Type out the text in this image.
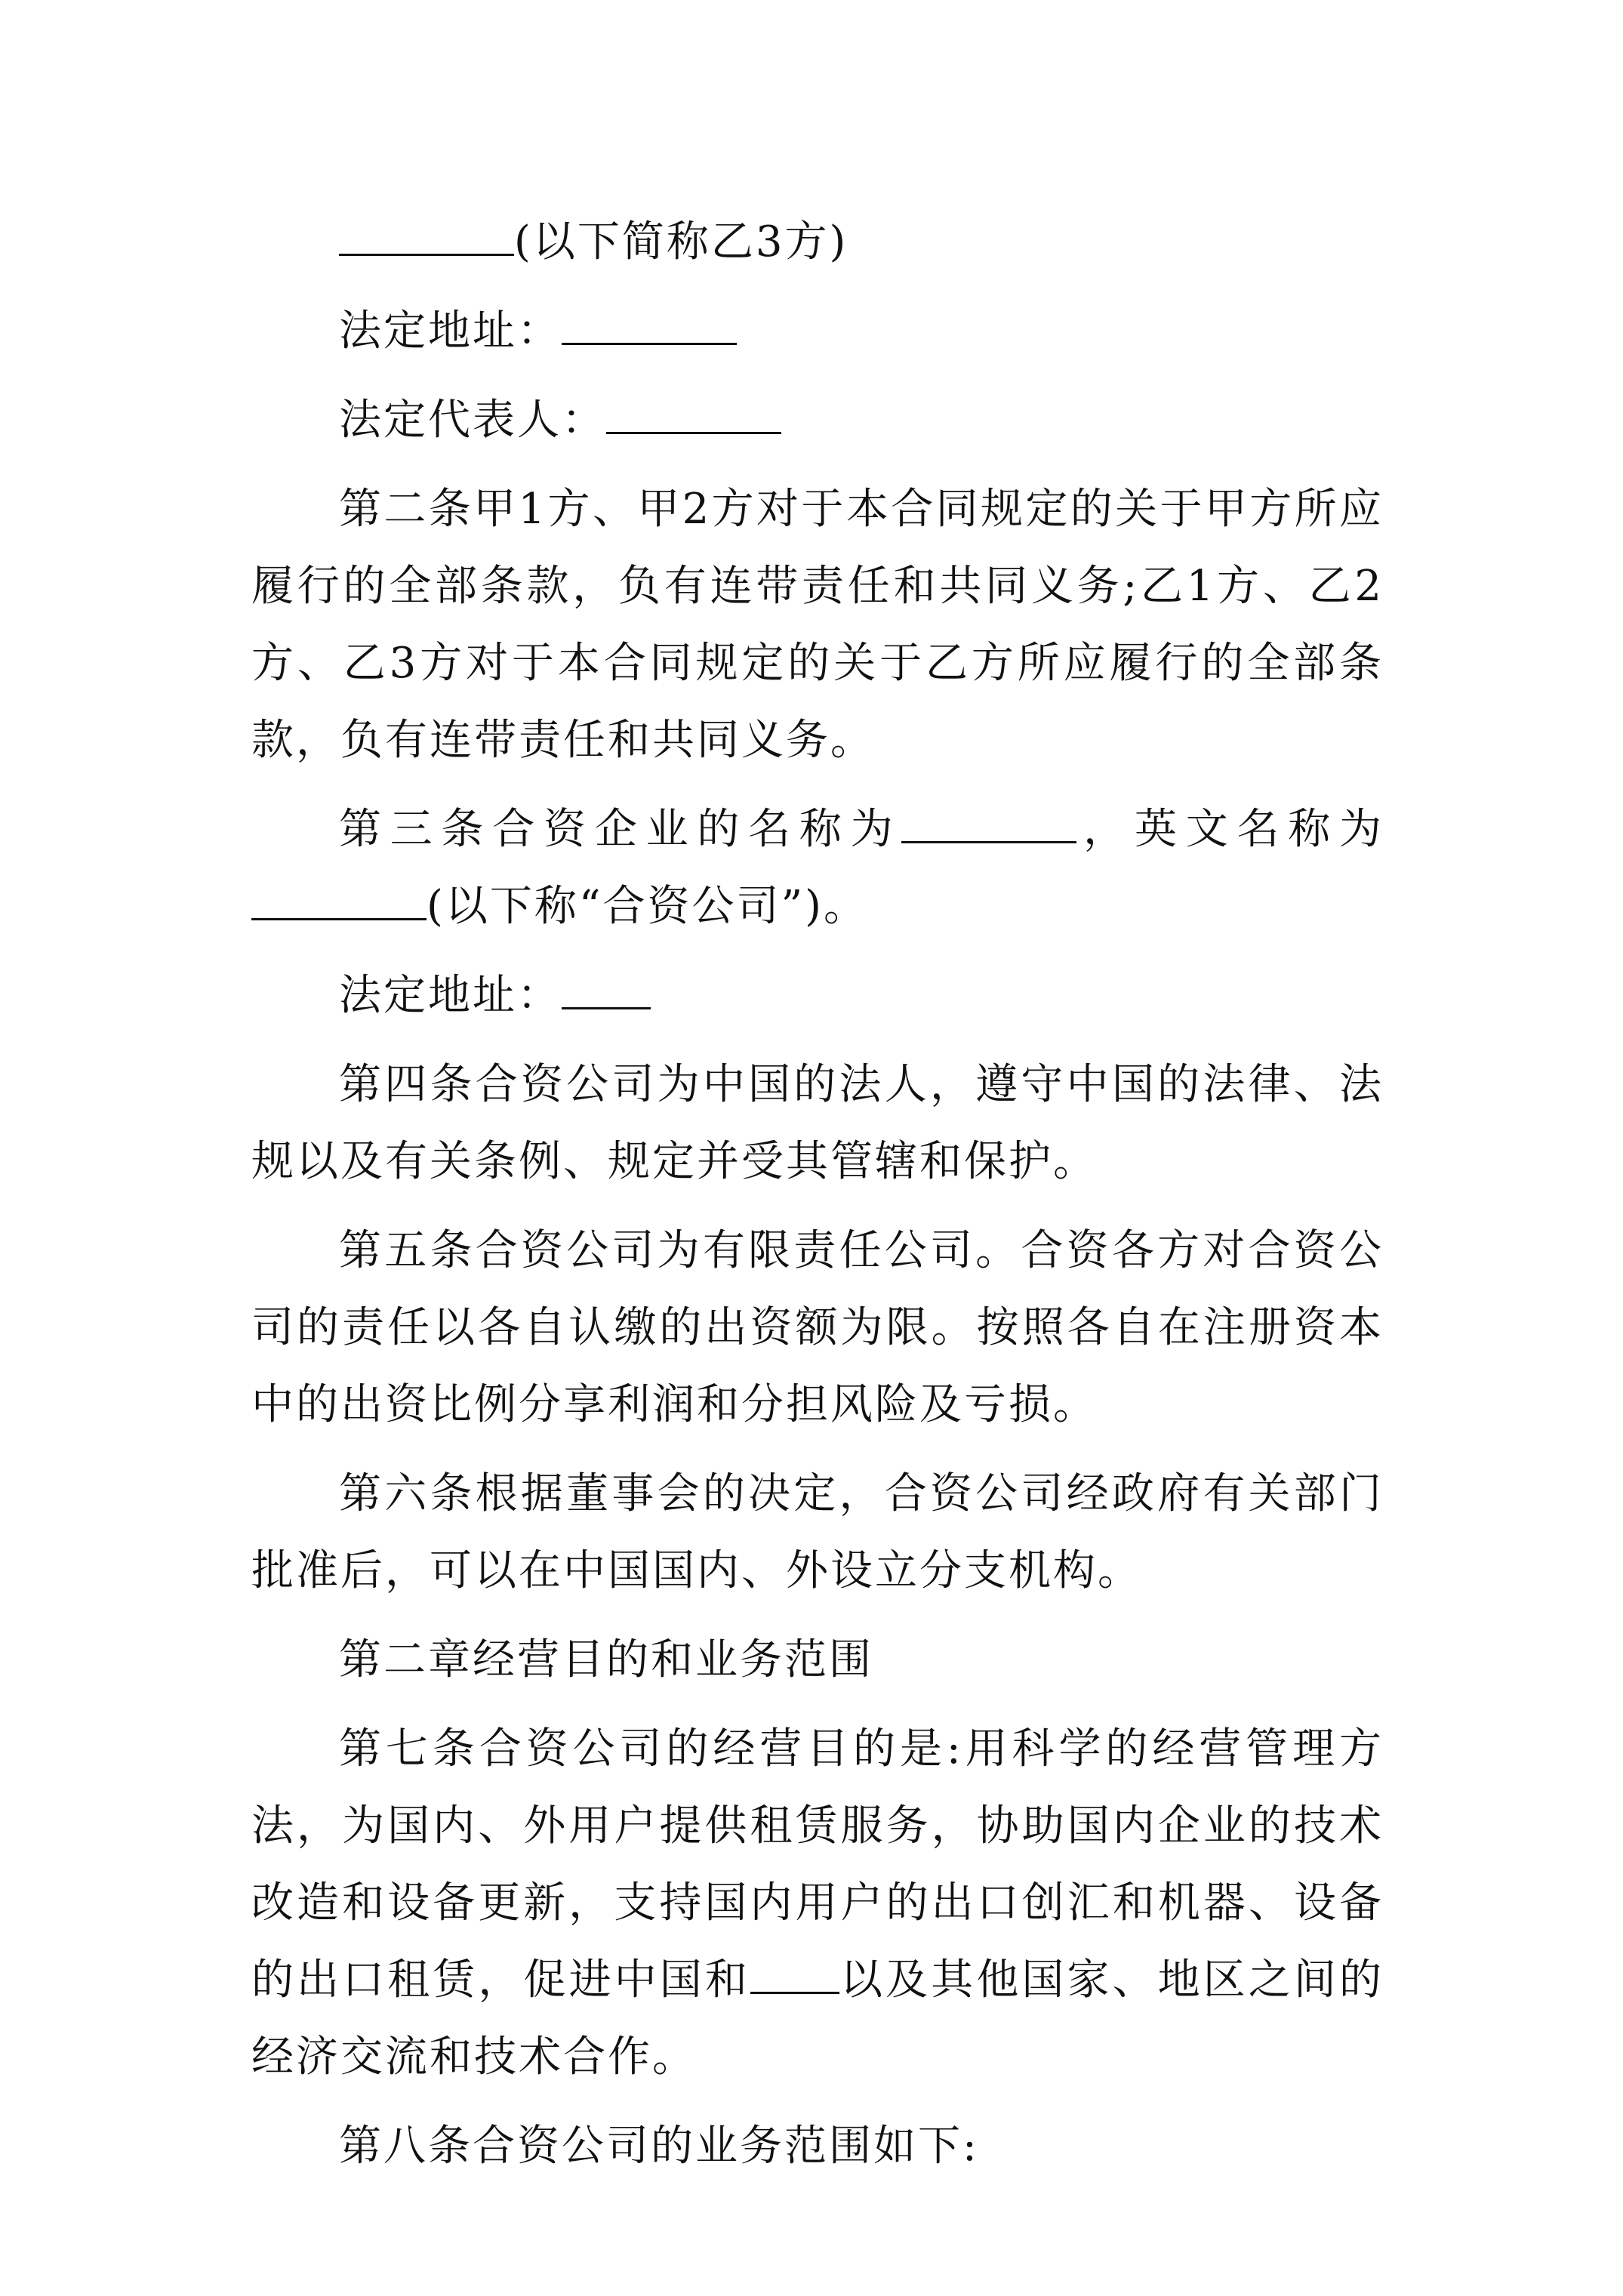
(以下简称乙3方)

法定地址：

法定代表人：

第二条甲1方、甲2方对于本合同规定的关于甲方所应履行的全部条款，负有连带责任和共同义务;乙1方、乙2方、乙3方对于本合同规定的关于乙方所应履行的全部条款，负有连带责任和共同义务。

第三条合资企业的名称为	，英文名称为(以下称“合资公司”)。

法定地址：

第四条合资公司为中国的法人，遵守中国的法律、法规以及有关条例、规定并受其管辖和保护。

第五条合资公司为有限责任公司。合资各方对合资公司的责任以各自认缴的出资额为限。按照各自在注册资本中的出资比例分享利润和分担风险及亏损。

第六条根据董事会的决定，合资公司经政府有关部门批准后，可以在中国国内、外设立分支机构。

第二章经营目的和业务范围

第七条合资公司的经营目的是:用科学的经营管理方法，为国内、外用户提供租赁服务，协助国内企业的技术改造和设备更新，支持国内用户的出口创汇和机器、设备的出口租赁，促进中国和 以及其他国家、地区之间的经济交流和技术合作。

第八条合资公司的业务范围如下:
